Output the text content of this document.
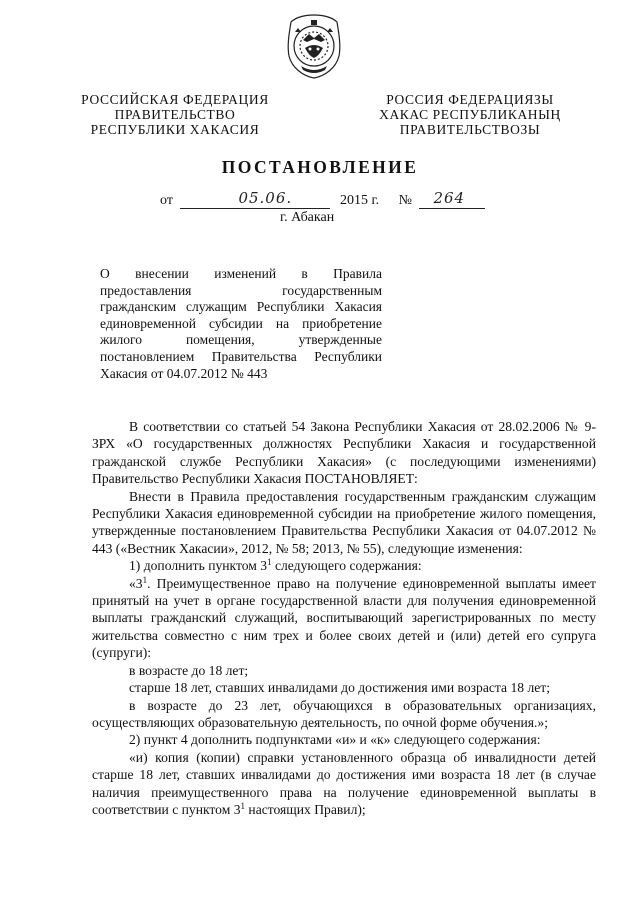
РОССИЙСКАЯ ФЕДЕРАЦИЯ
ПРАВИТЕЛЬСТВО
РЕСПУБЛИКИ ХАКАСИЯ
РОССИЯ ФЕДЕРАЦИЯЗЫ
ХАКАС РЕСПУБЛИКАНЫҢ
ПРАВИТЕЛЬСТВОЗЫ
ПОСТАНОВЛЕНИЕ
от	05.06.	2015 г. № 264
г. Абакан

О внесении изменений в Правила

предоставления государственным

гражданским служащим Республики Хакасия

единовременной субсидии на приобретение

жилого помещения, утвержденные

постановлением Правительства Республики

Хакасия от 04.07.2012 № 443

В соответствии со статьей 54 Закона Республики Хакасия от 28.02.2006 № 9-ЗРХ «О государственных должностях Республики Хакасия и государственной гражданской службе Республики Хакасия» (с последующими изменениями) Правительство Республики Хакасия ПОСТАНОВЛЯЕТ:

Внести в Правила предоставления государственным гражданским служащим Республики Хакасия единовременной субсидии на приобретение жилого помещения, утвержденные постановлением Правительства Республики Хакасия от 04.07.2012 № 443 («Вестник Хакасии», 2012, № 58; 2013, № 55), следующие изменения:

1) дополнить пунктом $3^1$ следующего содержания:

«$3^1$. Преимущественное право на получение единовременной выплаты имеет принятый на учет в органе государственной власти для получения единовременной выплаты гражданский служащий, воспитывающий зарегистрированных по месту жительства совместно с ним трех и более своих детей и (или) детей его супруга (супруги):

в возрасте до 18 лет;

старше 18 лет, ставших инвалидами до достижения ими возраста 18 лет;

в возрасте до 23 лет, обучающихся в образовательных организациях, осуществляющих образовательную деятельность, по очной форме обучения.»;

2) пункт 4 дополнить подпунктами «и» и «к» следующего содержания:

«и) копия (копии) справки установленного образца об инвалидности детей старше 18 лет, ставших инвалидами до достижения ими возраста 18 лет (в случае наличия преимущественного права на получение единовременной выплаты в соответствии с пунктом $3^1$ настоящих Правил);
